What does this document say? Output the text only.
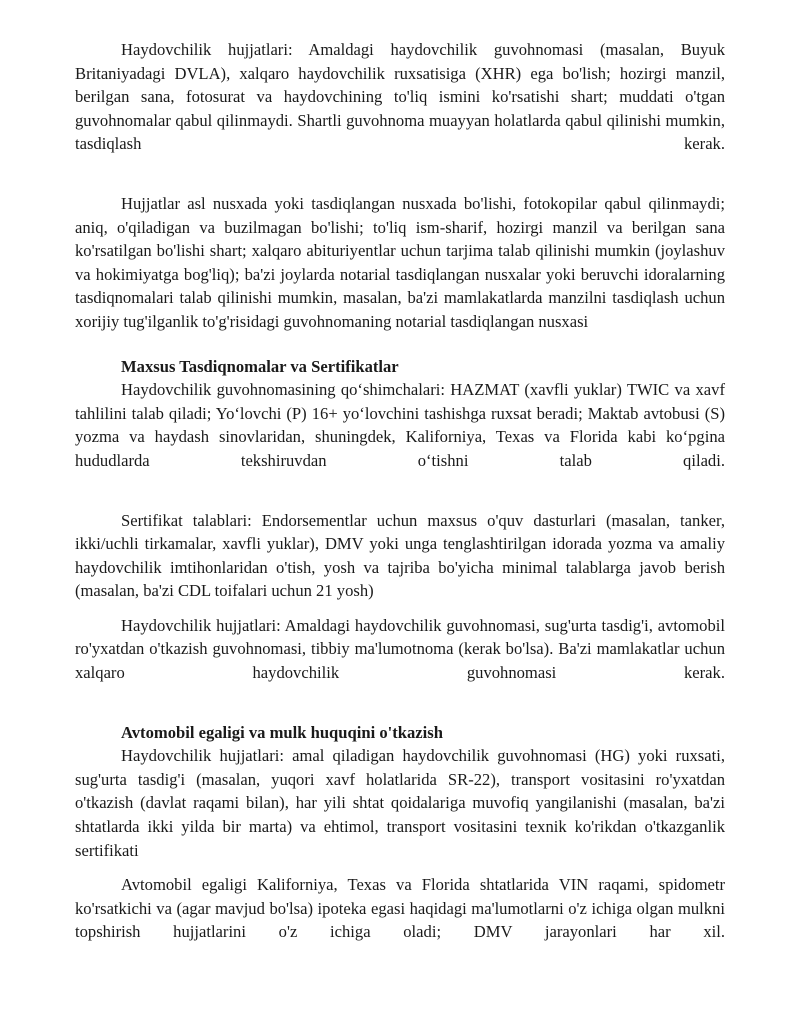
Haydovchilik hujjatlari: Amaldagi haydovchilik guvohnomasi (masalan, Buyuk Britaniyadagi DVLA), xalqaro haydovchilik ruxsatisiga (XHR) ega bo'lish; hozirgi manzil, berilgan sana, fotosurat va haydovchining to'liq ismini ko'rsatishi shart; muddati o'tgan guvohnomalar qabul qilinmaydi. Shartli guvohnoma muayyan holatlarda qabul qilinishi mumkin, tasdiqlash kerak.

Hujjatlar asl nusxada yoki tasdiqlangan nusxada bo'lishi, fotokopilar qabul qilinmaydi; aniq, o'qiladigan va buzilmagan bo'lishi; to'liq ism-sharif, hozirgi manzil va berilgan sana ko'rsatilgan bo'lishi shart; xalqaro abituriyentlar uchun tarjima talab qilinishi mumkin (joylashuv va hokimiyatga bog'liq); ba'zi joylarda notarial tasdiqlangan nusxalar yoki beruvchi idoralarning tasdiqnomalari talab qilinishi mumkin, masalan, ba'zi mamlakatlarda manzilni tasdiqlash uchun xorijiy tug'ilganlik to'g'risidagi guvohnomaning notarial tasdiqlangan nusxasi

Maxsus Tasdiqnomalar va Sertifikatlar

Haydovchilik guvohnomasining qo‘shimchalari: HAZMAT (xavfli yuklar) TWIC va xavf tahlilini talab qiladi; Yo‘lovchi (P) 16+ yo‘lovchini tashishga ruxsat beradi; Maktab avtobusi (S) yozma va haydash sinovlaridan, shuningdek, Kaliforniya, Texas va Florida kabi ko‘pgina hududlarda tekshiruvdan o‘tishni talab qiladi.

Sertifikat talablari: Endorsementlar uchun maxsus o'quv dasturlari (masalan, tanker, ikki/uchli tirkamalar, xavfli yuklar), DMV yoki unga tenglashtirilgan idorada yozma va amaliy haydovchilik imtihonlaridan o'tish, yosh va tajriba bo'yicha minimal talablarga javob berish (masalan, ba'zi CDL toifalari uchun 21 yosh)

Haydovchilik hujjatlari: Amaldagi haydovchilik guvohnomasi, sug'urta tasdig'i, avtomobil ro'yxatdan o'tkazish guvohnomasi, tibbiy ma'lumotnoma (kerak bo'lsa). Ba'zi mamlakatlar uchun xalqaro haydovchilik guvohnomasi kerak.

Avtomobil egaligi va mulk huquqini o'tkazish

Haydovchilik hujjatlari: amal qiladigan haydovchilik guvohnomasi (HG) yoki ruxsati, sug'urta tasdig'i (masalan, yuqori xavf holatlarida SR-22), transport vositasini ro'yxatdan o'tkazish (davlat raqami bilan), har yili shtat qoidalariga muvofiq yangilanishi (masalan, ba'zi shtatlarda ikki yilda bir marta) va ehtimol, transport vositasini texnik ko'rikdan o'tkazganlik sertifikati

Avtomobil egaligi Kaliforniya, Texas va Florida shtatlarida VIN raqami, spidometr ko'rsatkichi va (agar mavjud bo'lsa) ipoteka egasi haqidagi ma'lumotlarni o'z ichiga olgan mulkni topshirish hujjatlarini o'z ichiga oladi; DMV jarayonlari har xil.
